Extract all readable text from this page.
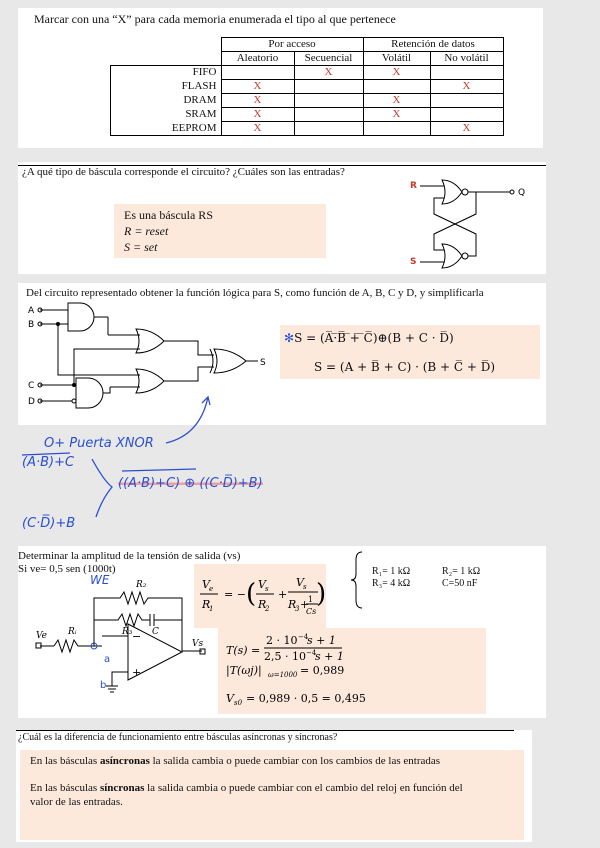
Marcar con una “X” para cada memoria enumerada el tipo al que pertenece
	Por acceso		Retención de datos	
	Aleatorio	Secuencial	Volátil	No volátil
FIFO		X	X	
FLASH	X			X
DRAM	X		X	
SRAM	X		X	
EEPROM	X			X
¿A qué tipo de báscula corresponde el circuito? ¿Cuáles son las entradas?
Es una báscula RS
R = reset
S = set
R
S
Q
Del circuito representado obtener la función lógica para S, como función de A, B, C y D, y simplificarla
A
B
C
D
S
✻S = (A̅·̅B̅ ̅+̅ ̅C̅)⊕(B + C · D̅)
S = (A + B̅ + C) · (B + C̅ + D̅)
O+ Puerta XNOR
(A·B)+C
((A·B)+C) ⊕ ((C·D̅)+B)
(C·D̅)+B
Determinar la amplitud de la tensión de salida (vs)
Si ve= 0,5 sen (1000t)
WE
−
+
R₂
R₃
Rᵢ	C
Ve
Vs
a
b
V e
R
1
= − ( V s
R
2
+
V s
R
3 +
1
Cs
)
R₁= 1 kΩ	R₂= 1 kΩ
R₃= 4 kΩ	C=50 nF
T(s) =
2 · 10 −4
s + 1
2,5 · 10 −4
s + 1
|T(ωj)| ω=1000 = 0,989
V s0 = 0,989 · 0,5 = 0,495
¿Cuál es la diferencia de funcionamiento entre básculas asíncronas y síncronas?
En las básculas asíncronas la salida cambia o puede cambiar con los cambios de las entradas
En las básculas síncronas la salida cambia o puede cambiar con el cambio del reloj en función del
valor de las entradas.
